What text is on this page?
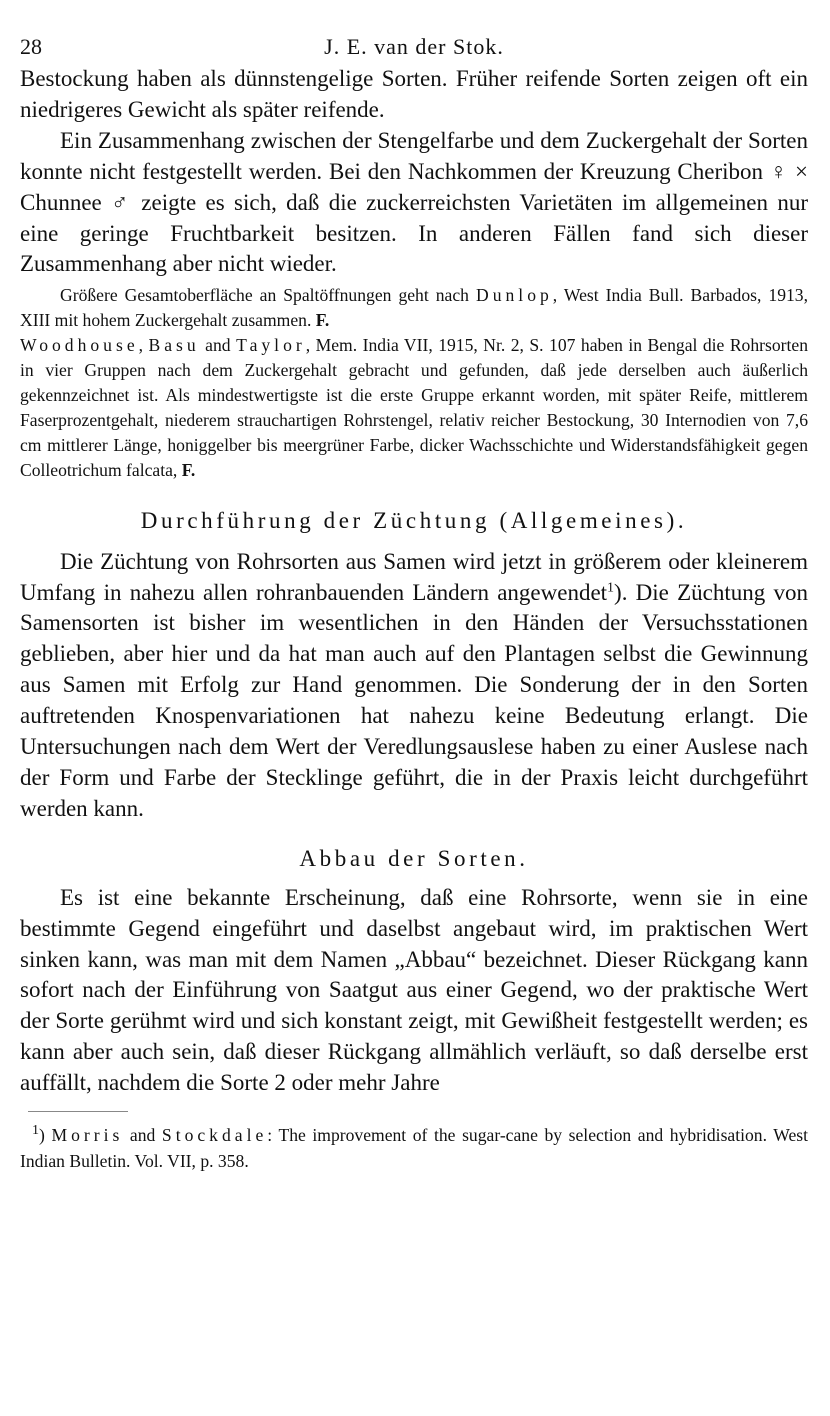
28	J. E. van der Stok.

Bestockung haben als dünnstengelige Sorten. Früher reifende Sorten zeigen oft ein niedrigeres Gewicht als später reifende.

Ein Zusammenhang zwischen der Stengelfarbe und dem Zuckergehalt der Sorten konnte nicht festgestellt werden. Bei den Nachkommen der Kreuzung Cheribon ♀ × Chunnee ♂ zeigte es sich, daß die zuckerreichsten Varietäten im allgemeinen nur eine geringe Fruchtbarkeit besitzen. In anderen Fällen fand sich dieser Zusammenhang aber nicht wieder.

Größere Gesamtoberfläche an Spaltöffnungen geht nach Dunlop, West India Bull. Barbados, 1913, XIII mit hohem Zuckergehalt zusammen. F.
Woodhouse, Basu and Taylor, Mem. India VII, 1915, Nr. 2, S. 107 haben in Bengal die Rohrsorten in vier Gruppen nach dem Zuckergehalt gebracht und gefunden, daß jede derselben auch äußerlich gekennzeichnet ist. Als mindestwertigste ist die erste Gruppe erkannt worden, mit später Reife, mittlerem Faserprozentgehalt, niederem strauchartigen Rohrstengel, relativ reicher Bestockung, 30 Internodien von 7,6 cm mittlerer Länge, honiggelber bis meergrüner Farbe, dicker Wachsschichte und Widerstandsfähigkeit gegen Colleotrichum falcata, F.

Durchführung der Züchtung (Allgemeines).

Die Züchtung von Rohrsorten aus Samen wird jetzt in größerem oder kleinerem Umfang in nahezu allen rohranbauenden Ländern angewendet$^1$). Die Züchtung von Samensorten ist bisher im wesentlichen in den Händen der Versuchsstationen geblieben, aber hier und da hat man auch auf den Plantagen selbst die Gewinnung aus Samen mit Erfolg zur Hand genommen. Die Sonderung der in den Sorten auftretenden Knospenvariationen hat nahezu keine Bedeutung erlangt. Die Untersuchungen nach dem Wert der Veredlungsauslese haben zu einer Auslese nach der Form und Farbe der Stecklinge geführt, die in der Praxis leicht durchgeführt werden kann.

Abbau der Sorten.

Es ist eine bekannte Erscheinung, daß eine Rohrsorte, wenn sie in eine bestimmte Gegend eingeführt und daselbst angebaut wird, im praktischen Wert sinken kann, was man mit dem Namen „Abbau“ bezeichnet. Dieser Rückgang kann sofort nach der Einführung von Saatgut aus einer Gegend, wo der praktische Wert der Sorte gerühmt wird und sich konstant zeigt, mit Gewißheit festgestellt werden; es kann aber auch sein, daß dieser Rückgang allmählich verläuft, so daß derselbe erst auffällt, nachdem die Sorte 2 oder mehr Jahre

$^1$) Morris and Stockdale: The improvement of the sugar-cane by selection and hybridisation. West Indian Bulletin. Vol. VII, p. 358.
